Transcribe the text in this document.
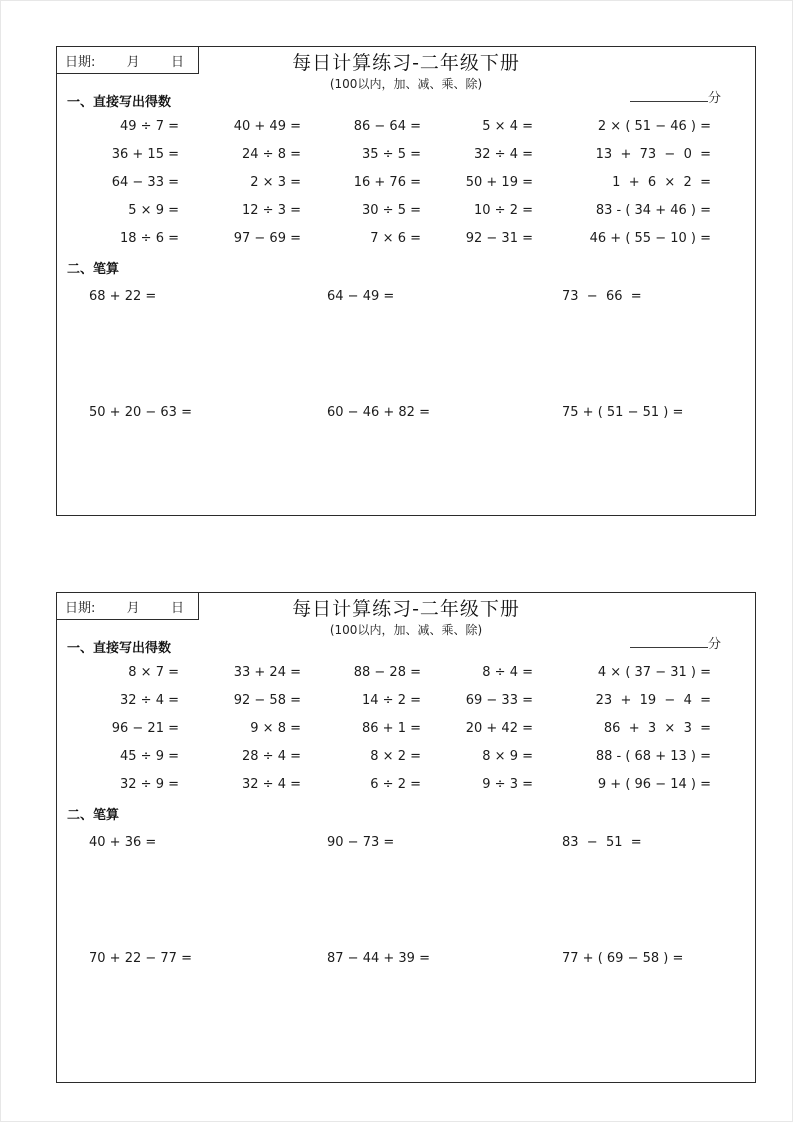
日期: 月 日	每日计算练习-二年级下册
(100以内，加、减、乘、除)
分
一、直接写出得数
49 ÷ 7 =	40 + 49 =	86 − 64 =	5 × 4 =	2 × ( 51 − 46 ) =
36 + 15 =	24 ÷ 8 =	35 ÷ 5 =	32 ÷ 4 =	13  +  73  −  0  =
64 − 33 =	2 × 3 =	16 + 76 =	50 + 19 =	1  +  6  ×  2  =
5 × 9 =	12 ÷ 3 =	30 ÷ 5 =	10 ÷ 2 =	83 - ( 34 + 46 ) =
18 ÷ 6 =	97 − 69 =	7 × 6 =	92 − 31 =	46 + ( 55 − 10 ) =
二、笔算
68 + 22 =	64 − 49 =	73  −  66  =
50 + 20 − 63 =	60 − 46 + 82 =	75 + ( 51 − 51 ) =
日期: 月 日	每日计算练习-二年级下册
(100以内，加、减、乘、除)
分
一、直接写出得数
8 × 7 =	33 + 24 =	88 − 28 =	8 ÷ 4 =	4 × ( 37 − 31 ) =
32 ÷ 4 =	92 − 58 =	14 ÷ 2 =	69 − 33 =	23  +  19  −  4  =
96 − 21 =	9 × 8 =	86 + 1 =	20 + 42 =	86  +  3  ×  3  =
45 ÷ 9 =	28 ÷ 4 =	8 × 2 =	8 × 9 =	88 - ( 68 + 13 ) =
32 ÷ 9 =	32 ÷ 4 =	6 ÷ 2 =	9 ÷ 3 =	9 + ( 96 − 14 ) =
二、笔算
40 + 36 =	90 − 73 =	83  −  51  =
70 + 22 − 77 =	87 − 44 + 39 =	77 + ( 69 − 58 ) =
